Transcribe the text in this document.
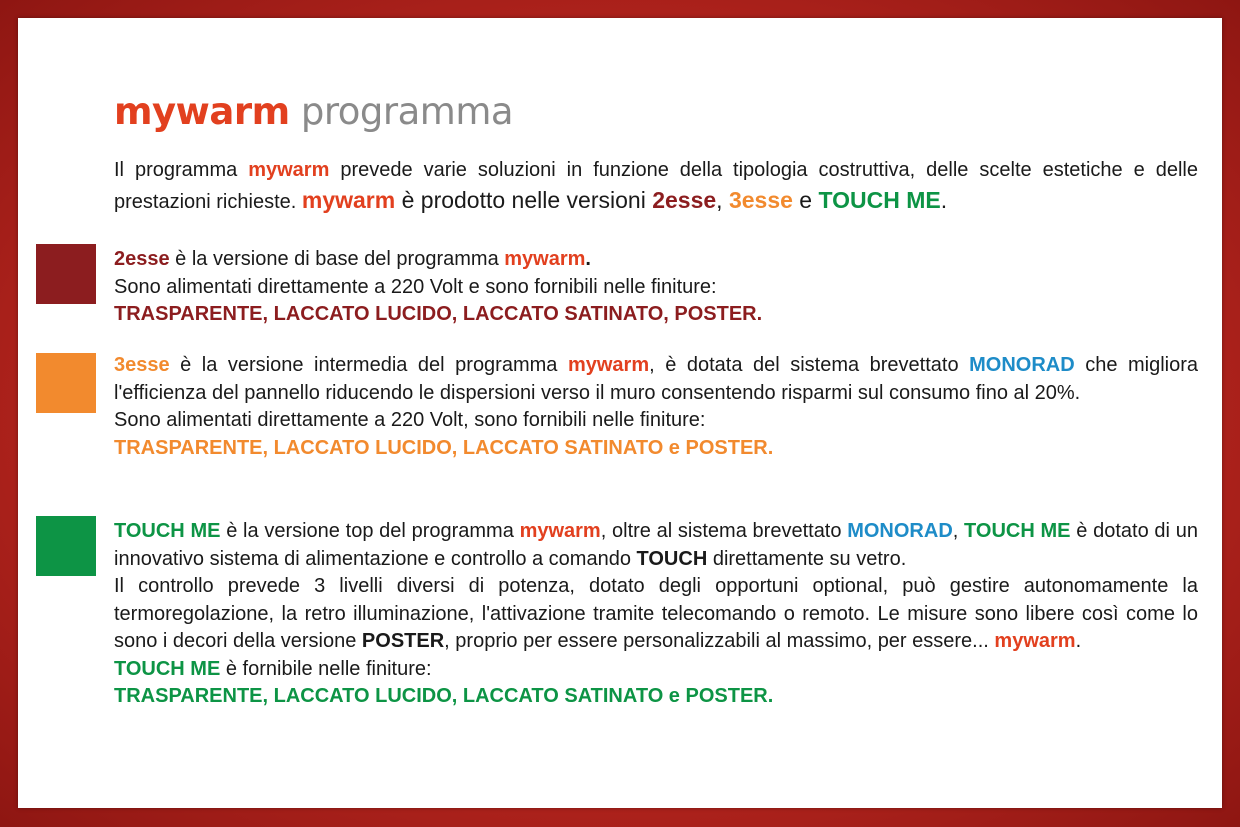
mywarm programma

Il programma mywarm prevede varie soluzioni in funzione della tipologia costruttiva, delle scelte estetiche e delle prestazioni richieste. mywarm è prodotto nelle versioni 2esse, 3esse e TOUCH ME.

2esse è la versione di base del programma mywarm.
Sono alimentati direttamente a 220 Volt e sono fornibili nelle finiture:
TRASPARENTE, LACCATO LUCIDO, LACCATO SATINATO, POSTER.

3esse è la versione intermedia del programma mywarm, è dotata del sistema brevettato MONORAD che migliora l'efficienza del pannello riducendo le dispersioni verso il muro consentendo risparmi sul consumo fino al 20%.
Sono alimentati direttamente a 220 Volt, sono fornibili nelle finiture:
TRASPARENTE, LACCATO LUCIDO, LACCATO SATINATO e POSTER.

TOUCH ME è la versione top del programma mywarm, oltre al sistema brevettato MONORAD, TOUCH ME è dotato di un innovativo sistema di alimentazione e controllo a comando TOUCH direttamente su vetro.
Il controllo prevede 3 livelli diversi di potenza, dotato degli opportuni optional, può gestire autonomamente la termoregolazione, la retro illuminazione, l'attivazione tramite telecomando o remoto. Le misure sono libere così come lo sono i decori della versione POSTER, proprio per essere personalizzabili al massimo, per essere... mywarm.
TOUCH ME è fornibile nelle finiture:
TRASPARENTE, LACCATO LUCIDO, LACCATO SATINATO e POSTER.
